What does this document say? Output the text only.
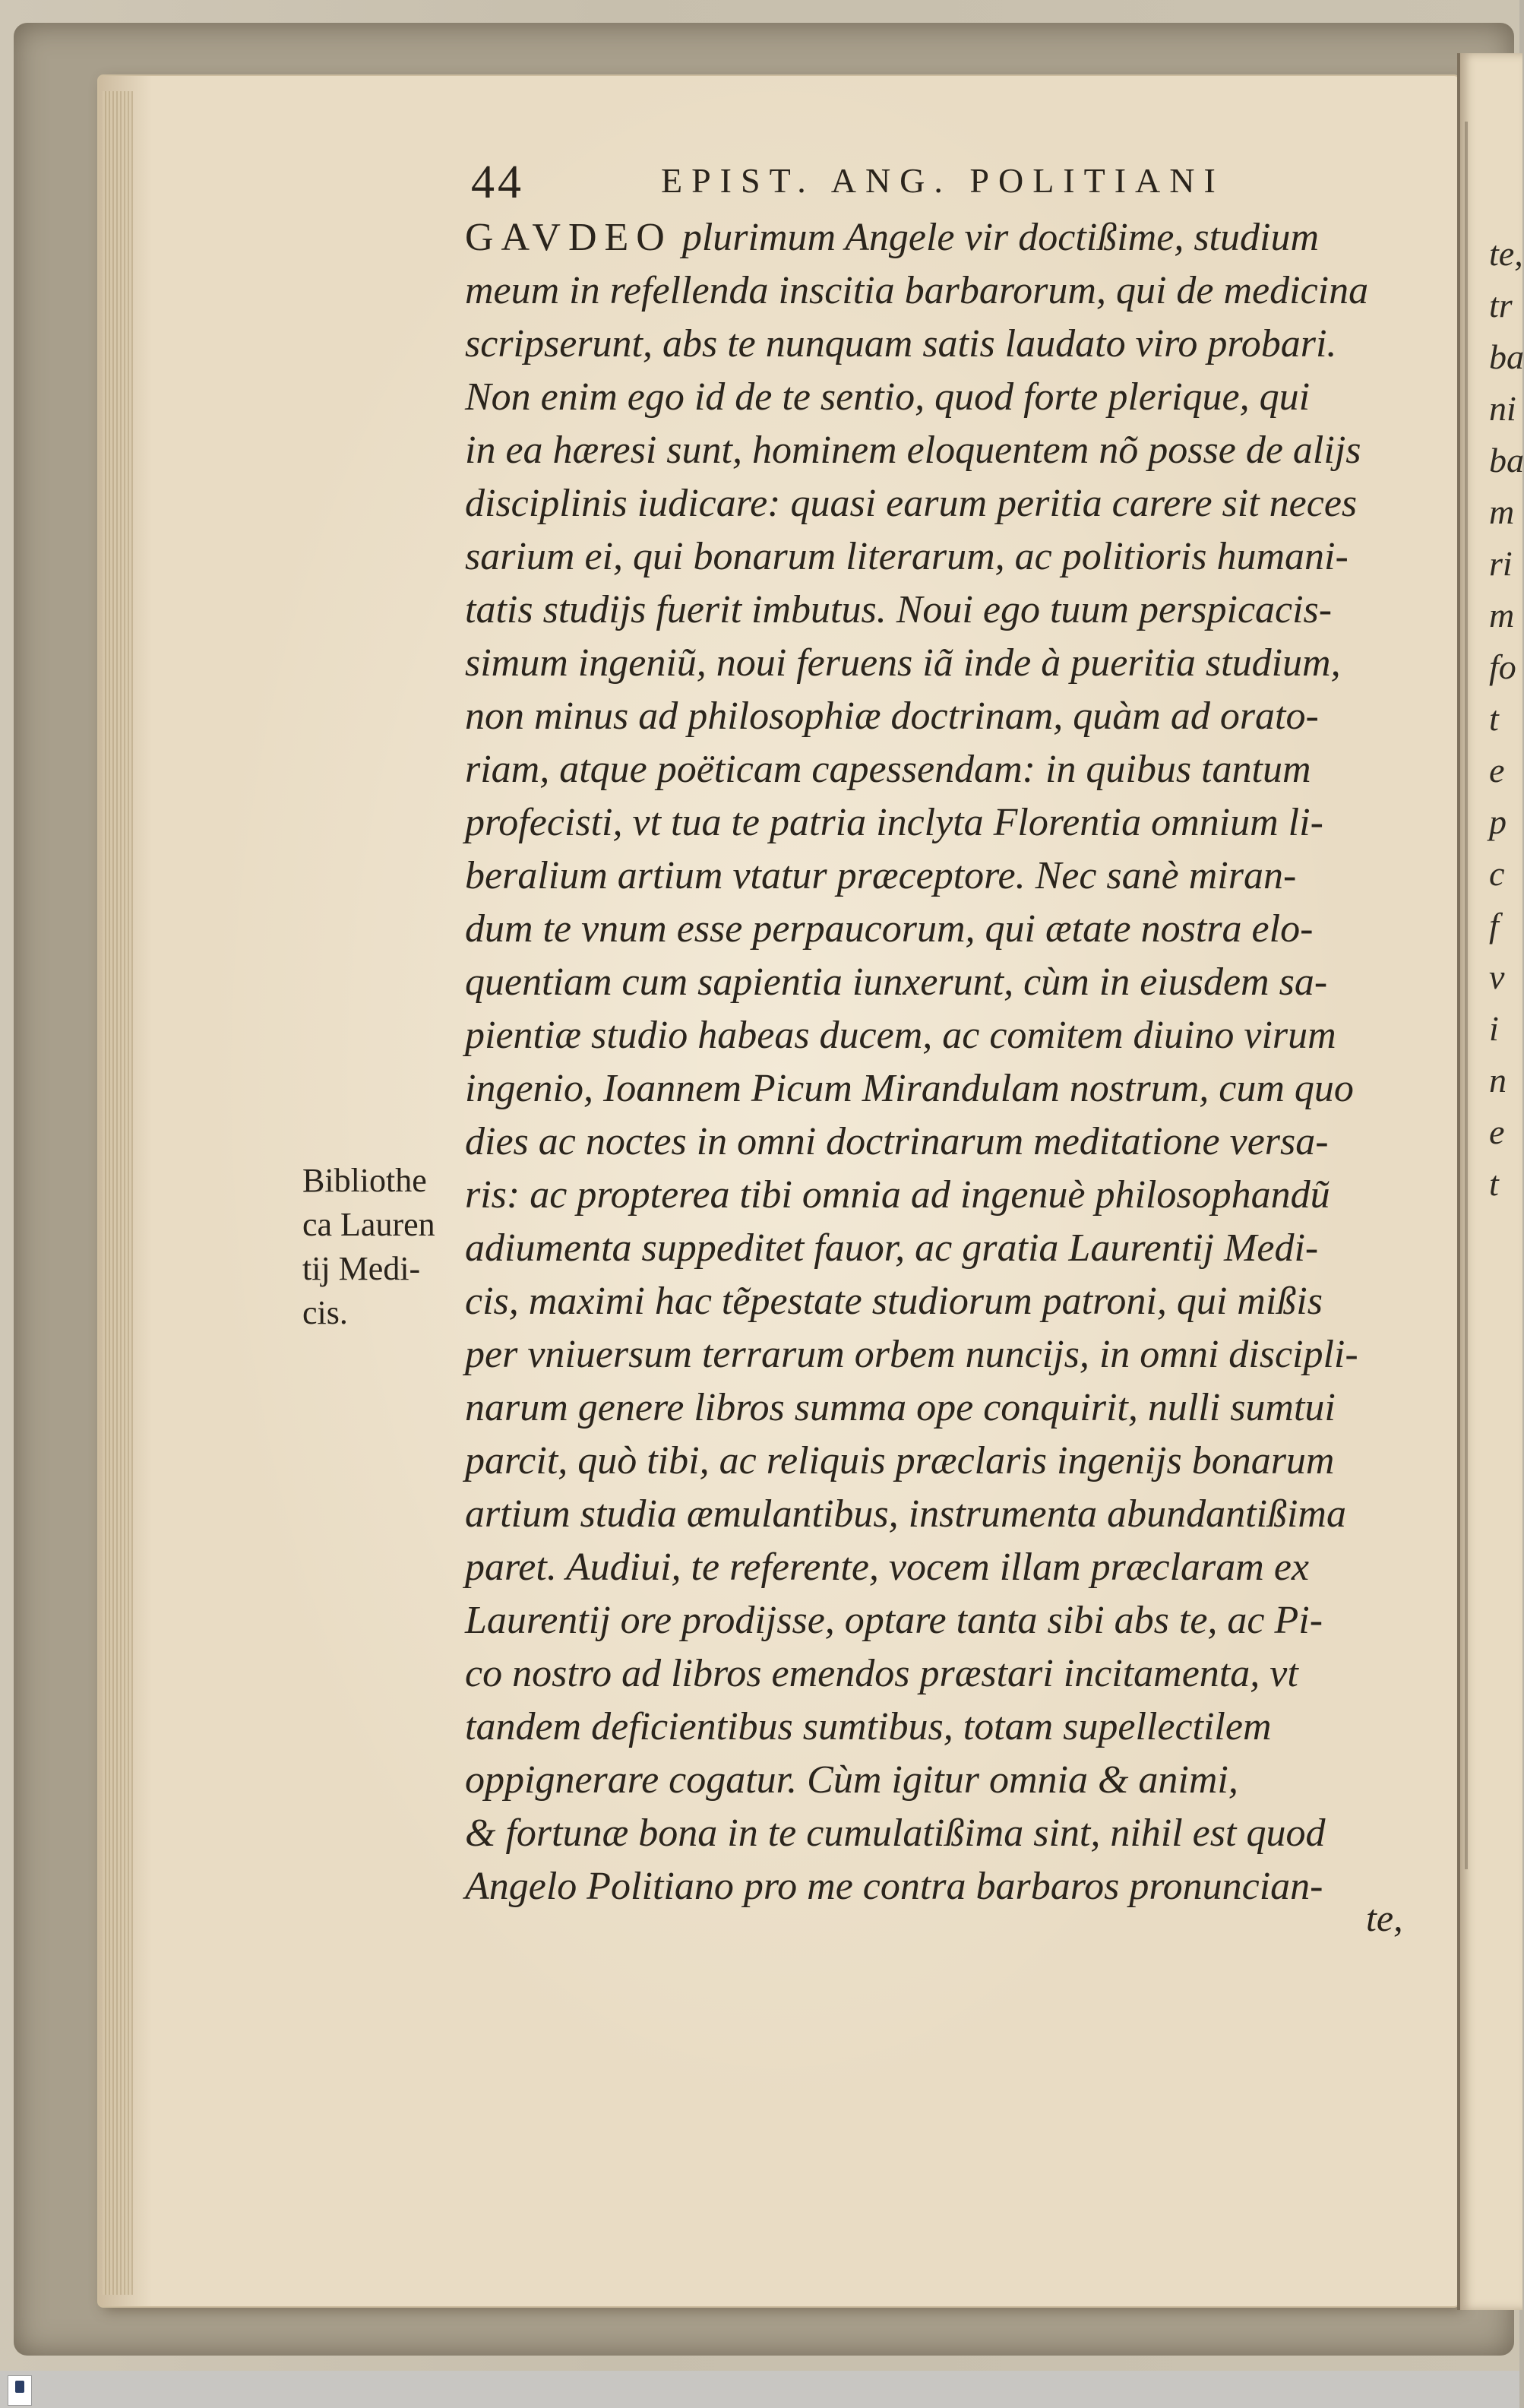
te,
tr
ba
ni
ba
m
ri
m
fo
t
e
p
c
f
v
i
n
e
t
44	EPIST. ANG. POLITIANI
GAVDEO plurimum Angele vir doctißime, studium
meum in refellenda inscitia barbarorum, qui de medicina
scripserunt, abs te nunquam satis laudato viro probari.
Non enim ego id de te sentio, quod forte plerique, qui
in ea hæresi sunt, hominem eloquentem nõ posse de alijs
disciplinis iudicare: quasi earum peritia carere sit neces
sarium ei, qui bonarum literarum, ac politioris humani-
tatis studijs fuerit imbutus. Noui ego tuum perspicacis-
simum ingeniũ, noui feruens iã inde à pueritia studium,
non minus ad philosophiæ doctrinam, quàm ad orato-
riam, atque poëticam capessendam: in quibus tantum
profecisti, vt tua te patria inclyta Florentia omnium li-
beralium artium vtatur præceptore. Nec sanè miran-
dum te vnum esse perpaucorum, qui ætate nostra elo-
quentiam cum sapientia iunxerunt, cùm in eiusdem sa-
pientiæ studio habeas ducem, ac comitem diuino virum
ingenio, Ioannem Picum Mirandulam nostrum, cum quo
dies ac noctes in omni doctrinarum meditatione versa-
ris: ac propterea tibi omnia ad ingenuè philosophandũ
adiumenta suppeditet fauor, ac gratia Laurentij Medi-
cis, maximi hac tẽpestate studiorum patroni, qui mißis
per vniuersum terrarum orbem nuncijs, in omni discipli-
narum genere libros summa ope conquirit, nulli sumtui
parcit, quò tibi, ac reliquis præclaris ingenijs bonarum
artium studia æmulantibus, instrumenta abundantißima
paret. Audiui, te referente, vocem illam præclaram ex
Laurentij ore prodijsse, optare tanta sibi abs te, ac Pi-
co nostro ad libros emendos præstari incitamenta, vt
tandem deficientibus sumtibus, totam supellectilem
oppignerare cogatur. Cùm igitur omnia & animi,
& fortunæ bona in te cumulatißima sint, nihil est quod
Angelo Politiano pro me contra barbaros pronuncian-
te,
Bibliothe
ca Lauren
tij Medi-
cis.
